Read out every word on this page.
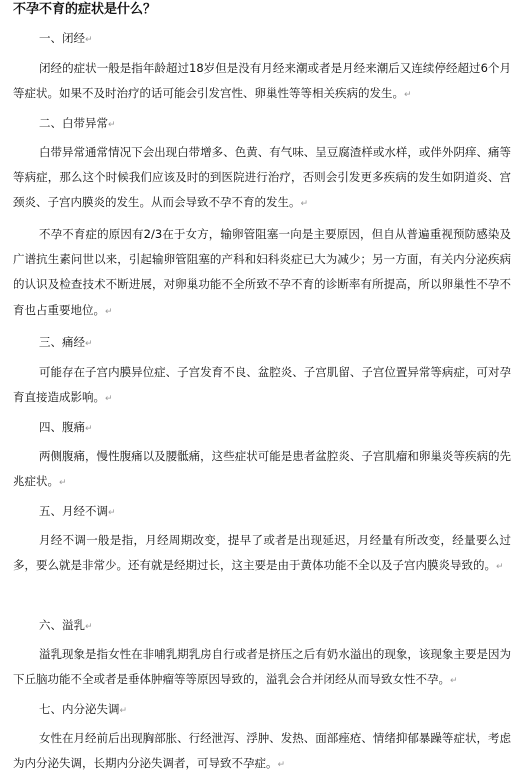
不孕不育的症状是什么？
一、闭经↵
闭经的症状一般是指年龄超过18岁但是没有月经来潮或者是月经来潮后又连续停经超过6个月等症状。如果不及时治疗的话可能会引发宫性、卵巢性等等相关疾病的发生。↵
二、白带异常↵
白带异常通常情况下会出现白带增多、色黄、有气味、呈豆腐渣样或水样，或伴外阴痒、痛等等病症，那么这个时候我们应该及时的到医院进行治疗，否则会引发更多疾病的发生如阴道炎、宫颈炎、子宫内膜炎的发生。从而会导致不孕不育的发生。↵
不孕不育症的原因有2/3在于女方，输卵管阻塞一向是主要原因，但自从普遍重视预防感染及广谱抗生素问世以来，引起输卵管阻塞的产科和妇科炎症已大为减少；另一方面，有关内分泌疾病的认识及检查技术不断进展，对卵巢功能不全所致不孕不育的诊断率有所提高，所以卵巢性不孕不育也占重要地位。↵
三、痛经↵
可能存在子宫内膜异位症、子宫发育不良、盆腔炎、子宫肌留、子宫位置异常等病症，可对孕育直接造成影响。↵
四、腹痛↵
两侧腹痛，慢性腹痛以及腰骶痛，这些症状可能是患者盆腔炎、子宫肌瘤和卵巢炎等疾病的先兆症状。↵
五、月经不调↵
月经不调一般是指，月经周期改变，提早了或者是出现延迟，月经量有所改变，经量要么过多，要么就是非常少。还有就是经期过长，这主要是由于黄体功能不全以及子宫内膜炎导致的。↵
六、溢乳↵
溢乳现象是指女性在非哺乳期乳房自行或者是挤压之后有奶水溢出的现象，该现象主要是因为下丘脑功能不全或者是垂体肿瘤等等原因导致的，溢乳会合并闭经从而导致女性不孕。↵
七、内分泌失调↵
女性在月经前后出现胸部胀、行经泄泻、浮肿、发热、面部痤疮、情绪抑郁暴躁等症状，考虑为内分泌失调，长期内分泌失调者，可导致不孕症。↵
